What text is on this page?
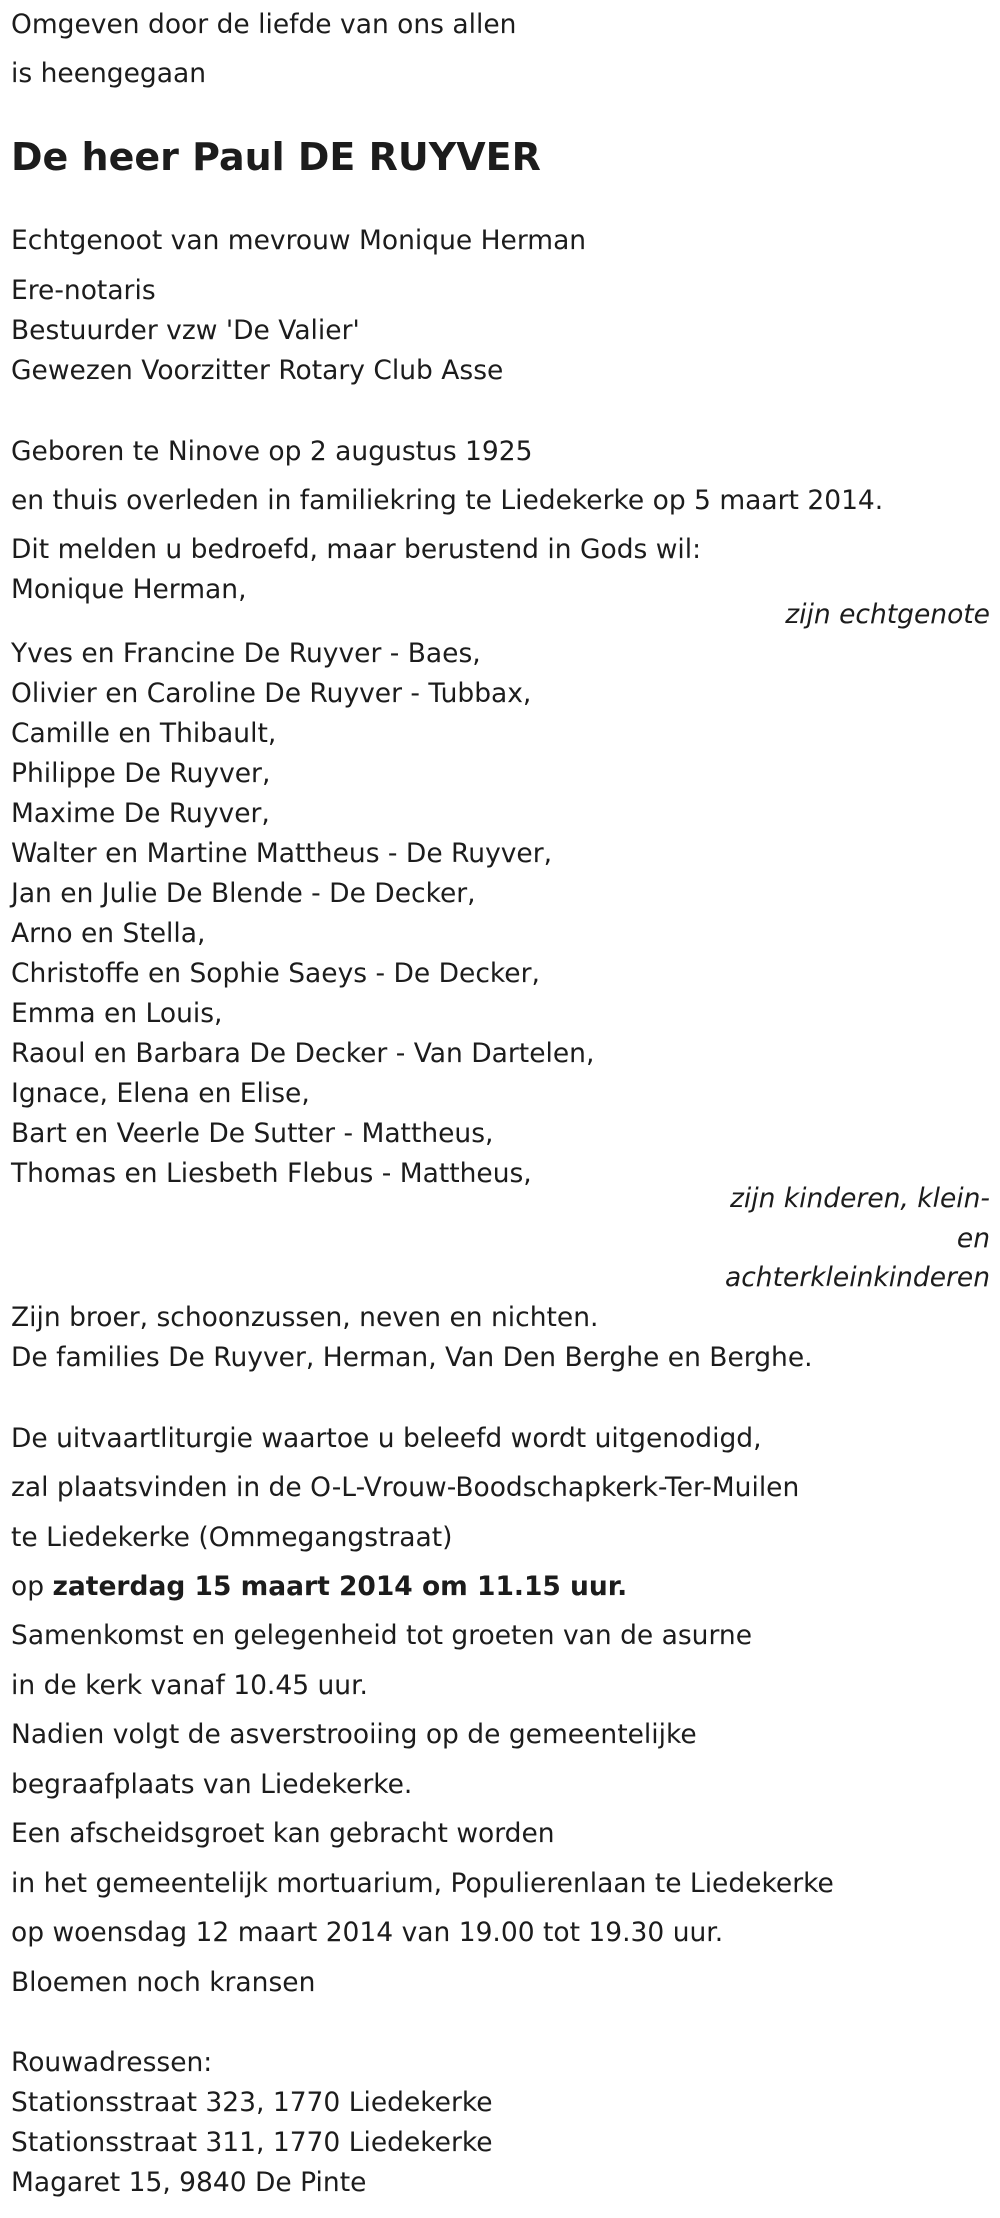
Omgeven door de liefde van ons allen
is heengegaan
De heer Paul DE RUYVER
Echtgenoot van mevrouw Monique Herman
Ere-notaris
Bestuurder vzw 'De Valier'
Gewezen Voorzitter Rotary Club Asse
Geboren te Ninove op 2 augustus 1925
en thuis overleden in familiekring te Liedekerke op 5 maart 2014.
Dit melden u bedroefd, maar berustend in Gods wil:
Monique Herman,
zijn echtgenote
Yves en Francine De Ruyver - Baes,
Olivier en Caroline De Ruyver - Tubbax,
Camille en Thibault,
Philippe De Ruyver,
Maxime De Ruyver,
Walter en Martine Mattheus - De Ruyver,
Jan en Julie De Blende - De Decker,
Arno en Stella,
Christoffe en Sophie Saeys - De Decker,
Emma en Louis,
Raoul en Barbara De Decker - Van Dartelen,
Ignace, Elena en Elise,
Bart en Veerle De Sutter - Mattheus,
Thomas en Liesbeth Flebus - Mattheus,
zijn kinderen, klein-
en
achterkleinkinderen
Zijn broer, schoonzussen, neven en nichten.
De families De Ruyver, Herman, Van Den Berghe en Berghe.
De uitvaartliturgie waartoe u beleefd wordt uitgenodigd,
zal plaatsvinden in de O-L-Vrouw-Boodschapkerk-Ter-Muilen
te Liedekerke (Ommegangstraat)
op zaterdag 15 maart 2014 om 11.15 uur.
Samenkomst en gelegenheid tot groeten van de asurne
in de kerk vanaf 10.45 uur.
Nadien volgt de asverstrooiing op de gemeentelijke
begraafplaats van Liedekerke.
Een afscheidsgroet kan gebracht worden
in het gemeentelijk mortuarium, Populierenlaan te Liedekerke
op woensdag 12 maart 2014 van 19.00 tot 19.30 uur.
Bloemen noch kransen
Rouwadressen:
Stationsstraat 323, 1770 Liedekerke
Stationsstraat 311, 1770 Liedekerke
Magaret 15, 9840 De Pinte
